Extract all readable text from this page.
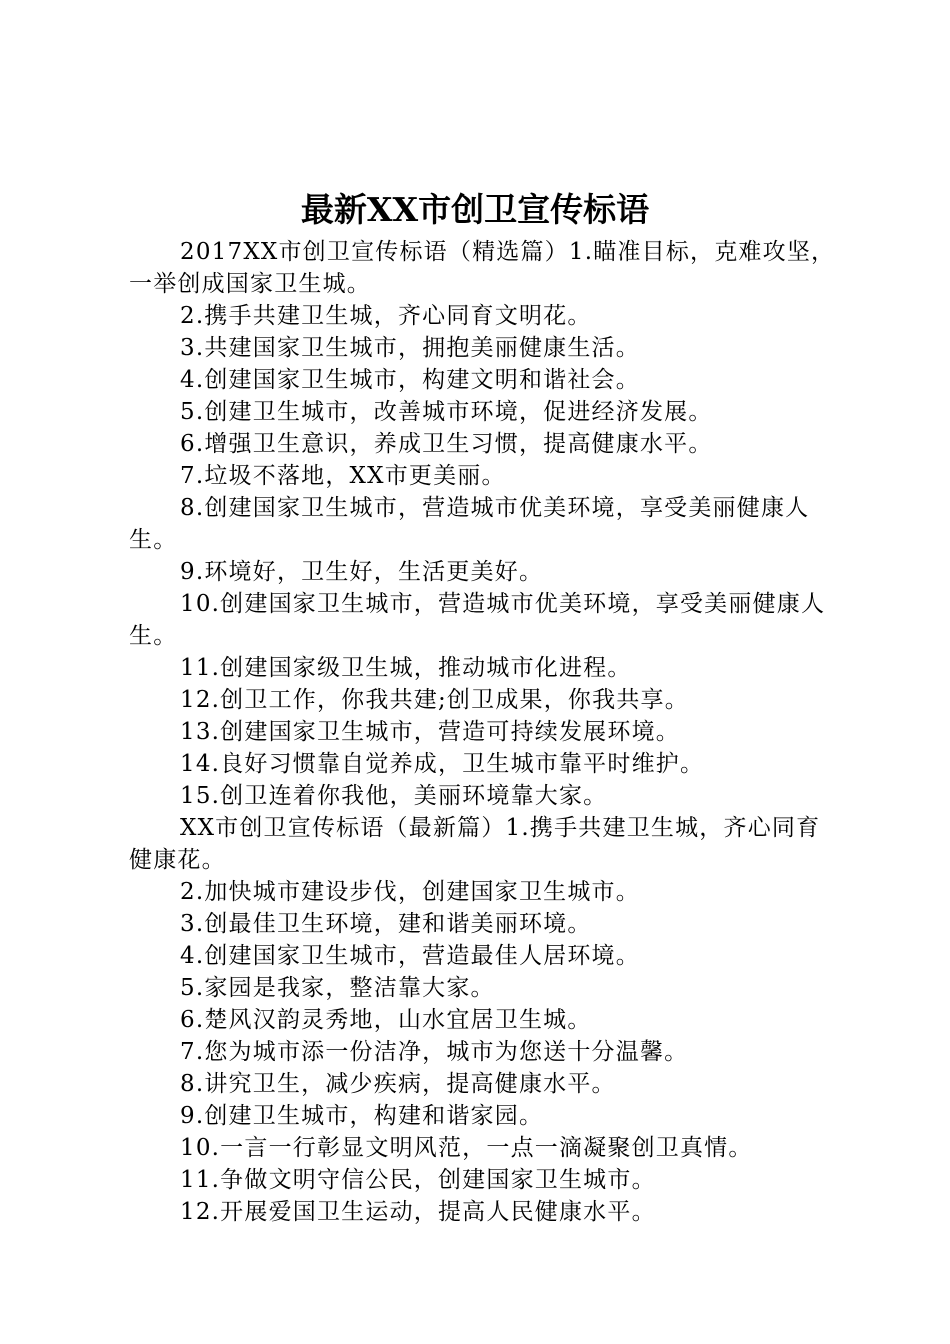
最新XX市创卫宣传标语

2017XX市创卫宣传标语（精选篇）1.瞄准目标，克难攻坚，一举创成国家卫生城。

2.携手共建卫生城，齐心同育文明花。

3.共建国家卫生城市，拥抱美丽健康生活。

4.创建国家卫生城市，构建文明和谐社会。

5.创建卫生城市，改善城市环境，促进经济发展。

6.增强卫生意识，养成卫生习惯，提高健康水平。

7.垃圾不落地，XX市更美丽。

8.创建国家卫生城市，营造城市优美环境，享受美丽健康人生。

9.环境好，卫生好，生活更美好。

10.创建国家卫生城市，营造城市优美环境，享受美丽健康人生。

11.创建国家级卫生城，推动城市化进程。

12.创卫工作，你我共建;创卫成果，你我共享。

13.创建国家卫生城市，营造可持续发展环境。

14.良好习惯靠自觉养成，卫生城市靠平时维护。

15.创卫连着你我他，美丽环境靠大家。

XX市创卫宣传标语（最新篇）1.携手共建卫生城，齐心同育健康花。

2.加快城市建设步伐，创建国家卫生城市。

3.创最佳卫生环境，建和谐美丽环境。

4.创建国家卫生城市，营造最佳人居环境。

5.家园是我家，整洁靠大家。

6.楚风汉韵灵秀地，山水宜居卫生城。

7.您为城市添一份洁净，城市为您送十分温馨。

8.讲究卫生，减少疾病，提高健康水平。

9.创建卫生城市，构建和谐家园。

10.一言一行彰显文明风范，一点一滴凝聚创卫真情。

11.争做文明守信公民，创建国家卫生城市。

12.开展爱国卫生运动，提高人民健康水平。
